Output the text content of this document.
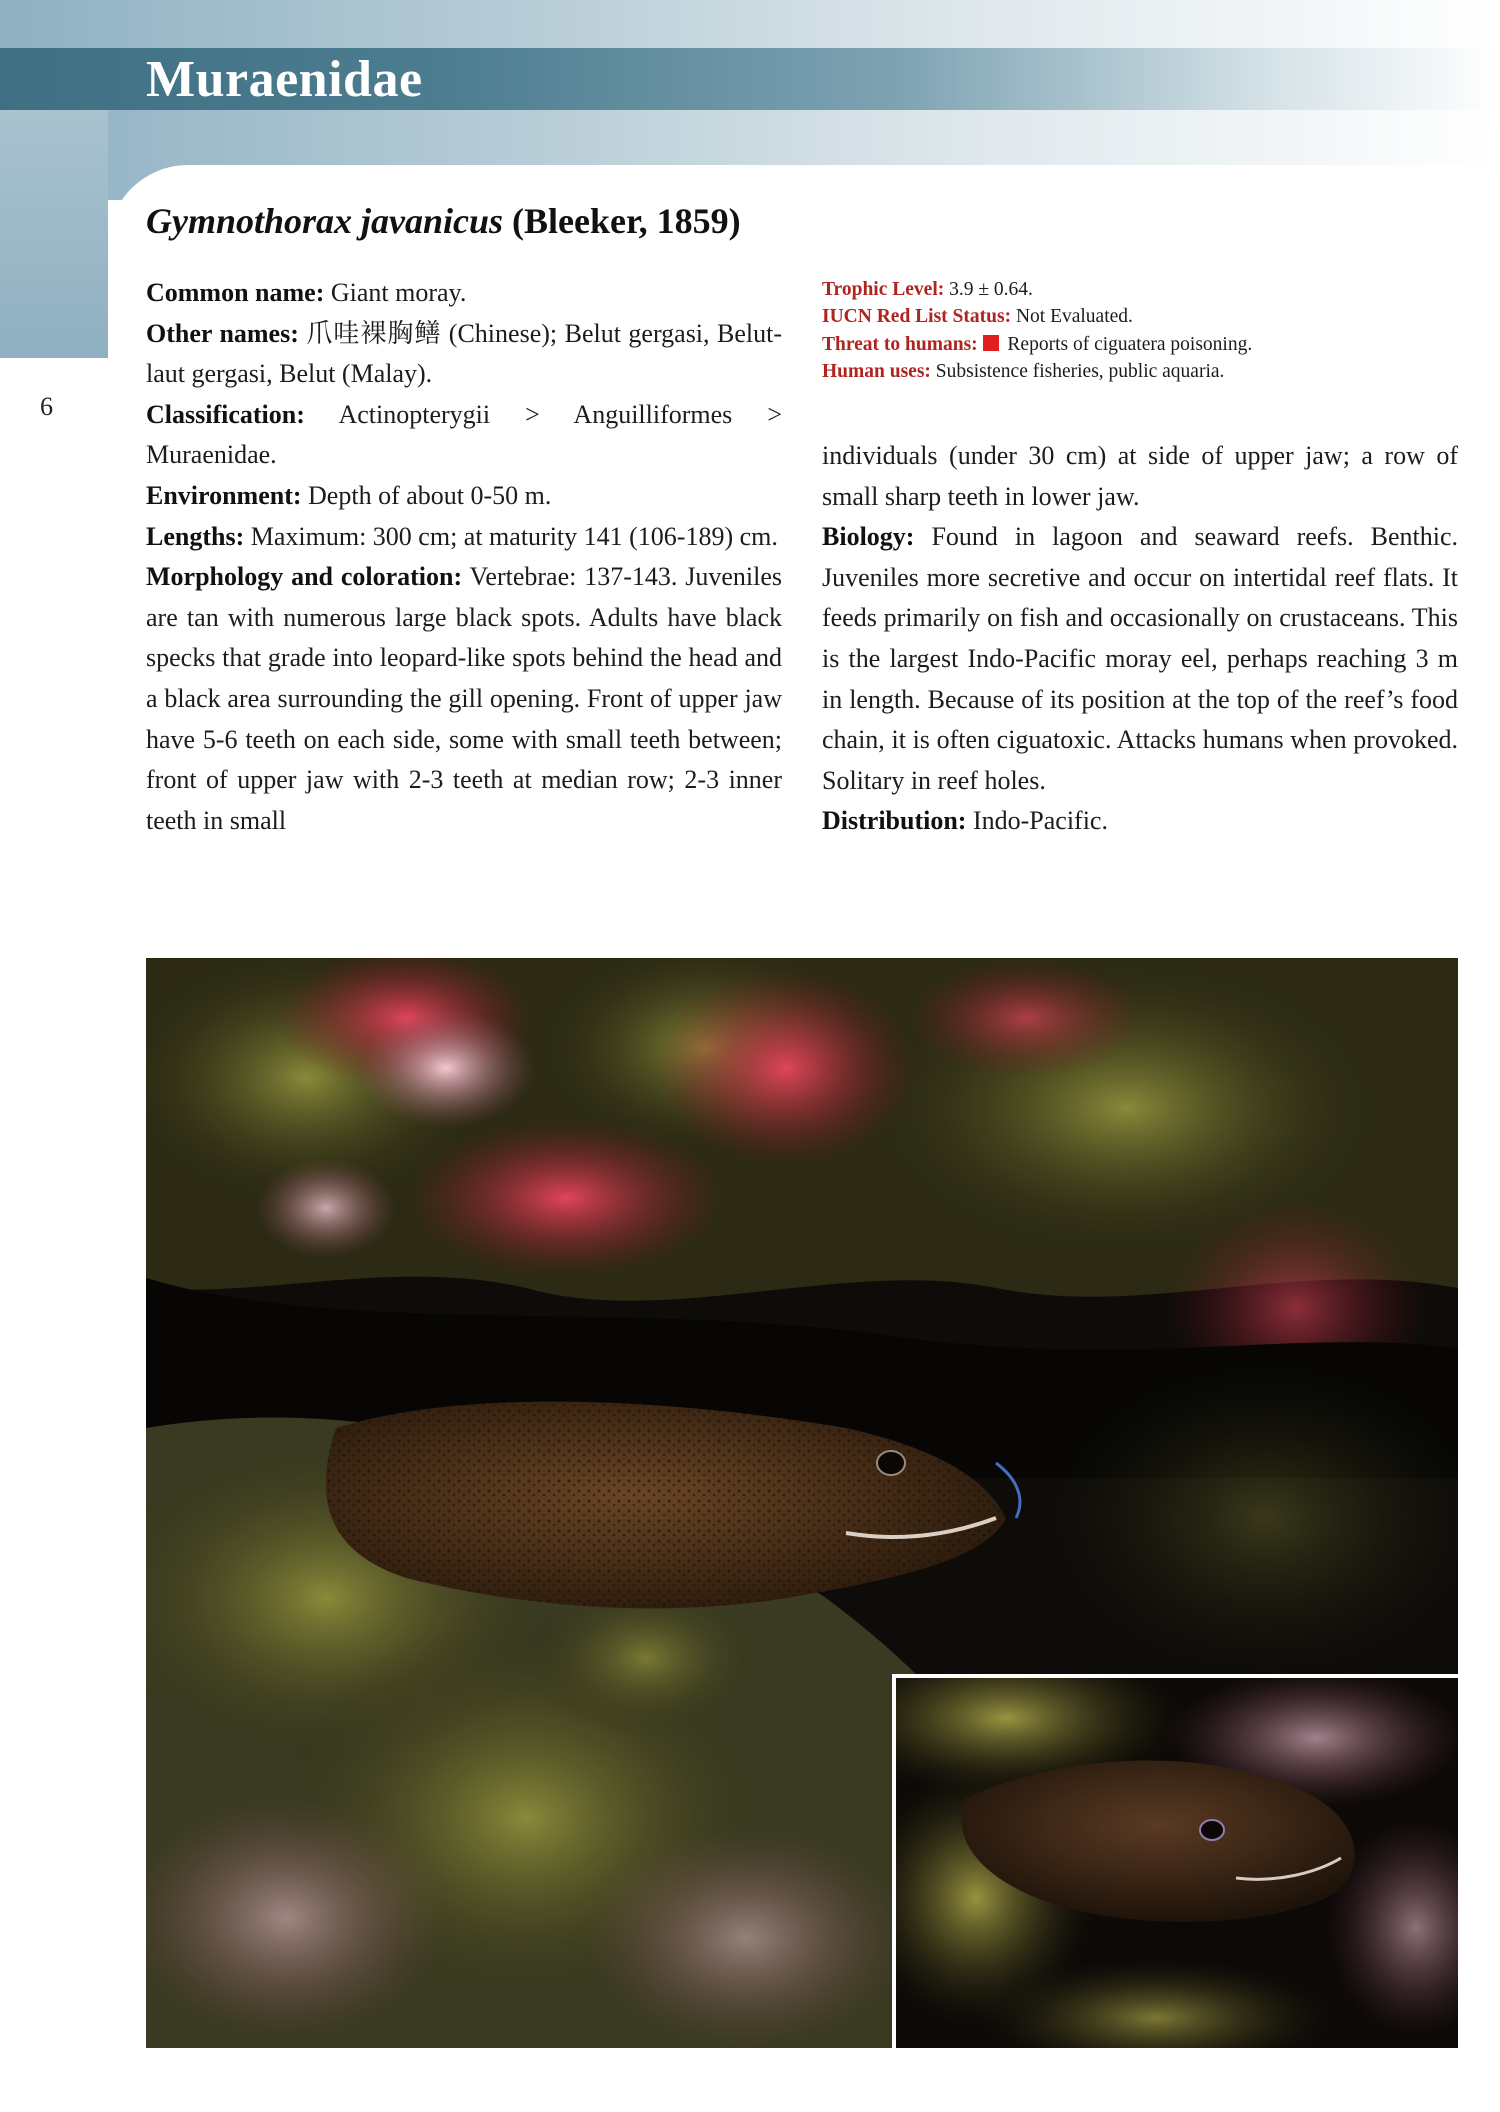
Muraenidae
6
Gymnothorax javanicus (Bleeker, 1859)

Common name: Giant moray.

Other names: 爪哇裸胸鳝 (Chinese); Belut gergasi, Belut-laut gergasi, Belut (Malay).

Classification: Actinopterygii > Anguilliformes > Muraenidae.

Environment: Depth of about 0-50 m.

Lengths: Maximum: 300 cm; at maturity 141 (106-189) cm.

Morphology and coloration: Vertebrae: 137-143. Juveniles are tan with numerous large black spots. Adults have black specks that grade into leopard-like spots behind the head and a black area surrounding the gill opening. Front of upper jaw have 5-6 teeth on each side, some with small teeth between; front of upper jaw with 2-3 teeth at median row; 2-3 inner teeth in small

Trophic Level: 3.9 ± 0.64.
IUCN Red List Status: Not Evaluated.
Threat to humans:  Reports of ciguatera poisoning.
Human uses: Subsistence fisheries, public aquaria.

individuals (under 30 cm) at side of upper jaw; a row of small sharp teeth in lower jaw.

Biology: Found in lagoon and seaward reefs. Benthic. Juveniles more secretive and occur on intertidal reef flats. It feeds primarily on fish and occasionally on crustaceans. This is the largest Indo-Pacific moray eel, perhaps reaching 3 m in length. Because of its position at the top of the reef’s food chain, it is often ciguatoxic. Attacks humans when provoked. Solitary in reef holes.

Distribution: Indo-Pacific.
